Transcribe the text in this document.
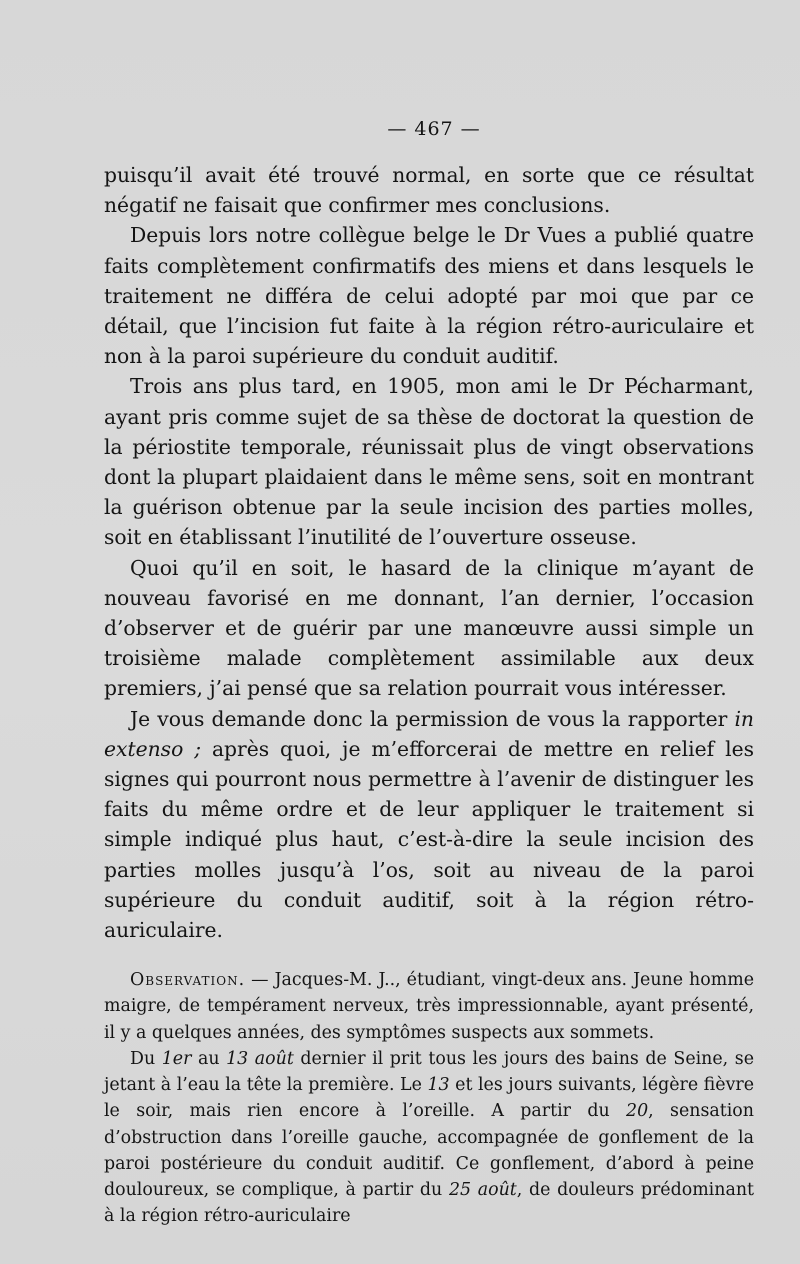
— 467 —

puisqu’il avait été trouvé normal, en sorte que ce résultat négatif ne faisait que confirmer mes conclusions.

Depuis lors notre collègue belge le Dr Vues a publié quatre faits complètement confirmatifs des miens et dans lesquels le traitement ne différa de celui adopté par moi que par ce détail, que l’incision fut faite à la région rétro-auriculaire et non à la paroi supérieure du conduit auditif.

Trois ans plus tard, en 1905, mon ami le Dr Pécharmant, ayant pris comme sujet de sa thèse de doctorat la question de la périostite temporale, réunissait plus de vingt observations dont la plupart plaidaient dans le même sens, soit en montrant la guérison obtenue par la seule incision des parties molles, soit en établissant l’inutilité de l’ouverture osseuse.

Quoi qu’il en soit, le hasard de la clinique m’ayant de nouveau favorisé en me donnant, l’an dernier, l’occasion d’observer et de guérir par une manœuvre aussi simple un troisième malade complètement assimilable aux deux premiers, j’ai pensé que sa relation pourrait vous intéresser.

Je vous demande donc la permission de vous la rapporter in extenso ; après quoi, je m’efforcerai de mettre en relief les signes qui pourront nous permettre à l’avenir de distinguer les faits du même ordre et de leur appliquer le traitement si simple indiqué plus haut, c’est-à-dire la seule incision des parties molles jusqu’à l’os, soit au niveau de la paroi supérieure du conduit auditif, soit à la région rétro-auriculaire.

Observation. — Jacques-M. J.., étudiant, vingt-deux ans. Jeune homme maigre, de tempérament nerveux, très impressionnable, ayant présenté, il y a quelques années, des symptômes suspects aux sommets.

Du 1er au 13 août dernier il prit tous les jours des bains de Seine, se jetant à l’eau la tête la première. Le 13 et les jours suivants, légère fièvre le soir, mais rien encore à l’oreille. A partir du 20, sensation d’obstruction dans l’oreille gauche, accompagnée de gonflement de la paroi postérieure du conduit auditif. Ce gonflement, d’abord à peine douloureux, se complique, à partir du 25 août, de douleurs prédominant à la région rétro-auriculaire
